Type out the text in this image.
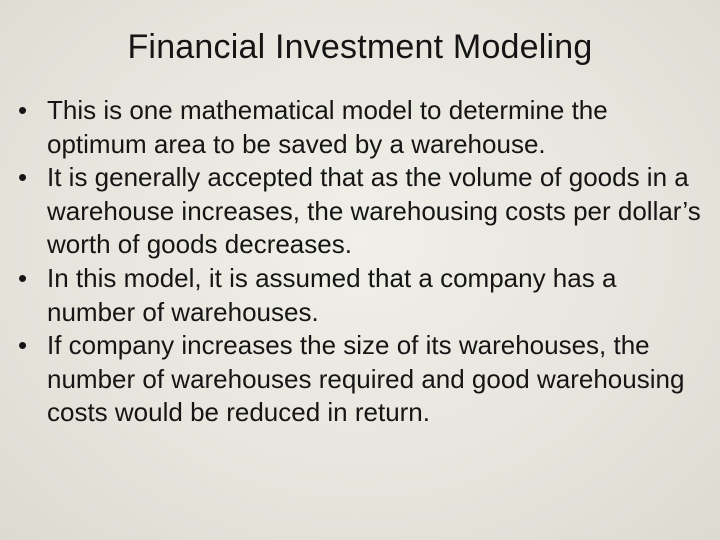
Financial Investment Modeling
• This is one mathematical model to determine the optimum area to be saved by a warehouse.
• It is generally accepted that as the volume of goods in a warehouse increases, the warehousing costs per dollar’s worth of goods decreases.
• In this model, it is assumed that a company has a number of warehouses.
• If company increases the size of its warehouses, the number of warehouses required and good warehousing costs would be reduced in return.
